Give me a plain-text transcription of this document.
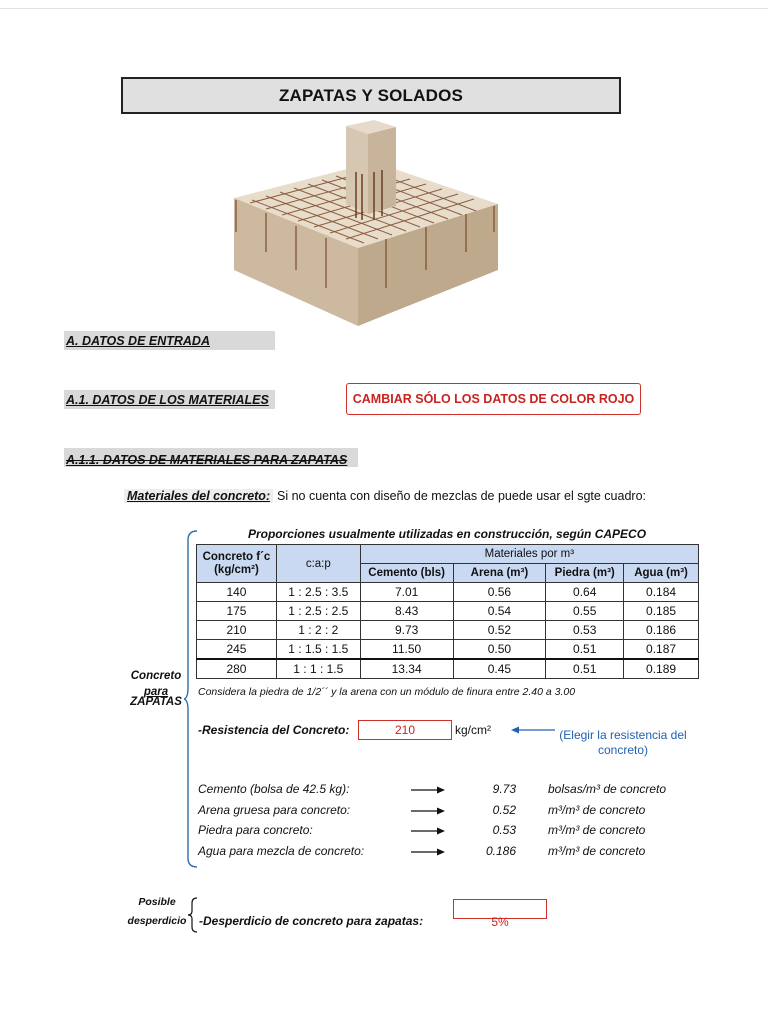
ZAPATAS Y SOLADOS
A. DATOS DE ENTRADA
A.1. DATOS DE LOS MATERIALES	CAMBIAR SÓLO LOS DATOS DE COLOR ROJO
A.1.1. DATOS DE MATERIALES PARA ZAPATAS
Materiales del concreto: Si no cuenta con diseño de mezclas de puede usar el sgte cuadro:
Proporciones usualmente utilizadas en construcción, según CAPECO
Concreto f´c (kg/cm²)	c:a:p	Materiales por m³			
		Cemento (bls)	Arena (m³)	Piedra (m³)	Agua (m³)
140	1 : 2.5 : 3.5	7.01	0.56	0.64	0.184
175	1 : 2.5 : 2.5	8.43	0.54	0.55	0.185
210	1 : 2 : 2	9.73	0.52	0.53	0.186
245	1 : 1.5 : 1.5	11.50	0.50	0.51	0.187
280	1 : 1 : 1.5	13.34	0.45	0.51	0.189
Considera la piedra de 1/2´´ y la arena con un módulo de finura entre 2.40 a 3.00
Concreto
para
ZAPATAS
-Resistencia del Concreto:	210	kg/cm²	(Elegir la resistencia del
concreto)
Cemento (bolsa de 42.5 kg):	9.73	bolsas/m³ de concreto
Arena gruesa para concreto:	0.52	m³/m³ de concreto
Piedra para concreto:	0.53	m³/m³ de concreto
Agua para mezcla de concreto:	0.186	m³/m³ de concreto
Posible
desperdicio -Desperdicio de concreto para zapatas:	5%
